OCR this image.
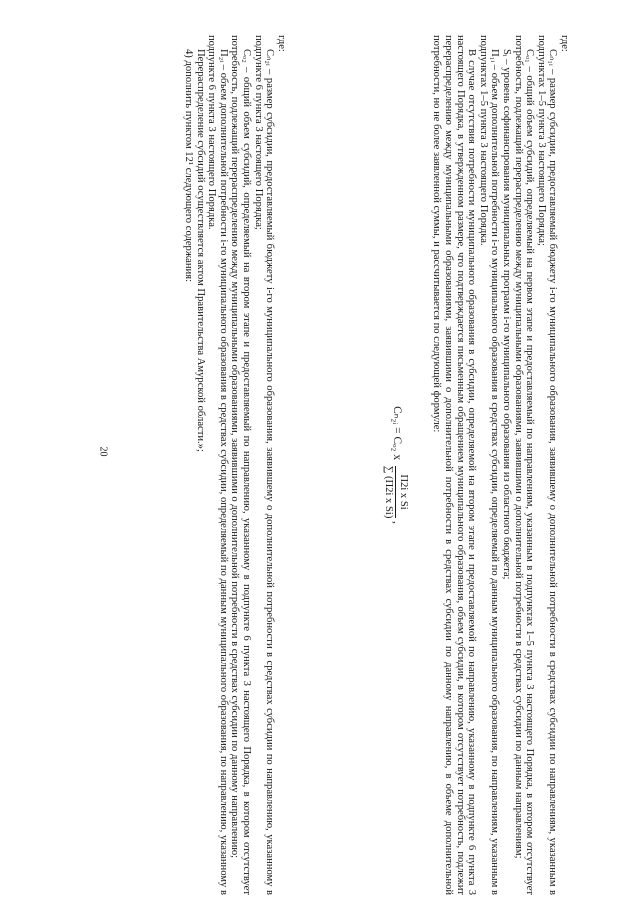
20

где:

Cₙ₁ᵢ – размер субсидии, предоставляемый бюджету i-го муниципального образования, заявившему о дополнительной потребности в средствах субсидии по направлениям, указанным в подпунктах 1–5 пункта 3 настоящего Порядка;

Cₒ₁ – общий объем субсидий, определяемый на первом этапе и предоставляемый по направлениям, указанным в подпунктах 1–5 пункта 3 настоящего Порядка, в котором отсутствует потребность, подлежащий перераспределению между муниципальными образованиями, заявившими о дополнительной потребности в средствах субсидии по данным направлениям;

Sᵢ – уровень софинансирования муниципальных программ i-го муниципального образования из областного бюджета;

П₁ᵢ – объем дополнительной потребности i-го муниципального образования в средствах субсидии, определяемый по данным муниципального образования, по направлениям, указанным в подпунктах 1–5 пункта 3 настоящего Порядка.

В случае отсутствия потребности муниципального образования в субсидии, определяемой на втором этапе и предоставляемой по направлению, указанному в подпункте 6 пункта 3 настоящего Порядка, в утвержденном размере, что подтверждается письменным обращением муниципального образования, объем субсидии, в котором отсутствует потребность, подлежит перераспределению между муниципальными образованиями, заявившими о дополнительной потребности в средствах субсидии по данному направлению, в объеме дополнительной потребности, но не более заявленной суммы, и рассчитывается по следующей формуле:

Cₙ₂ᵢ = Cₒ₂ x
П2i x Si
∑ (П2i x Si)
,

где:

Cₙ₂ᵢ – размер субсидии, предоставляемый бюджету i-го муниципального образования, заявившему о дополнительной потребности в средствах субсидии по направлению, указанному в подпункте 6 пункта 3 настоящего Порядка;

Cₒ₂ – общий объем субсидий, определяемый на втором этапе и предоставляемый по направлению, указанному в подпункте 6 пункта 3 настоящего Порядка, в котором отсутствует потребность, подлежащий перераспределению между муниципальными образованиями, заявившими о дополнительной потребности в средствах субсидии по данному направлению;

П₂ᵢ – объем дополнительной потребности i-го муниципального образования в средствах субсидии, определяемый по данным муниципального образования, по направлению, указанному в подпункте 6 пункта 3 настоящего Порядка.

Перераспределение субсидий осуществляется актом Правительства Амурской области.»;

4) дополнить пунктом 12¹ следующего содержания:
